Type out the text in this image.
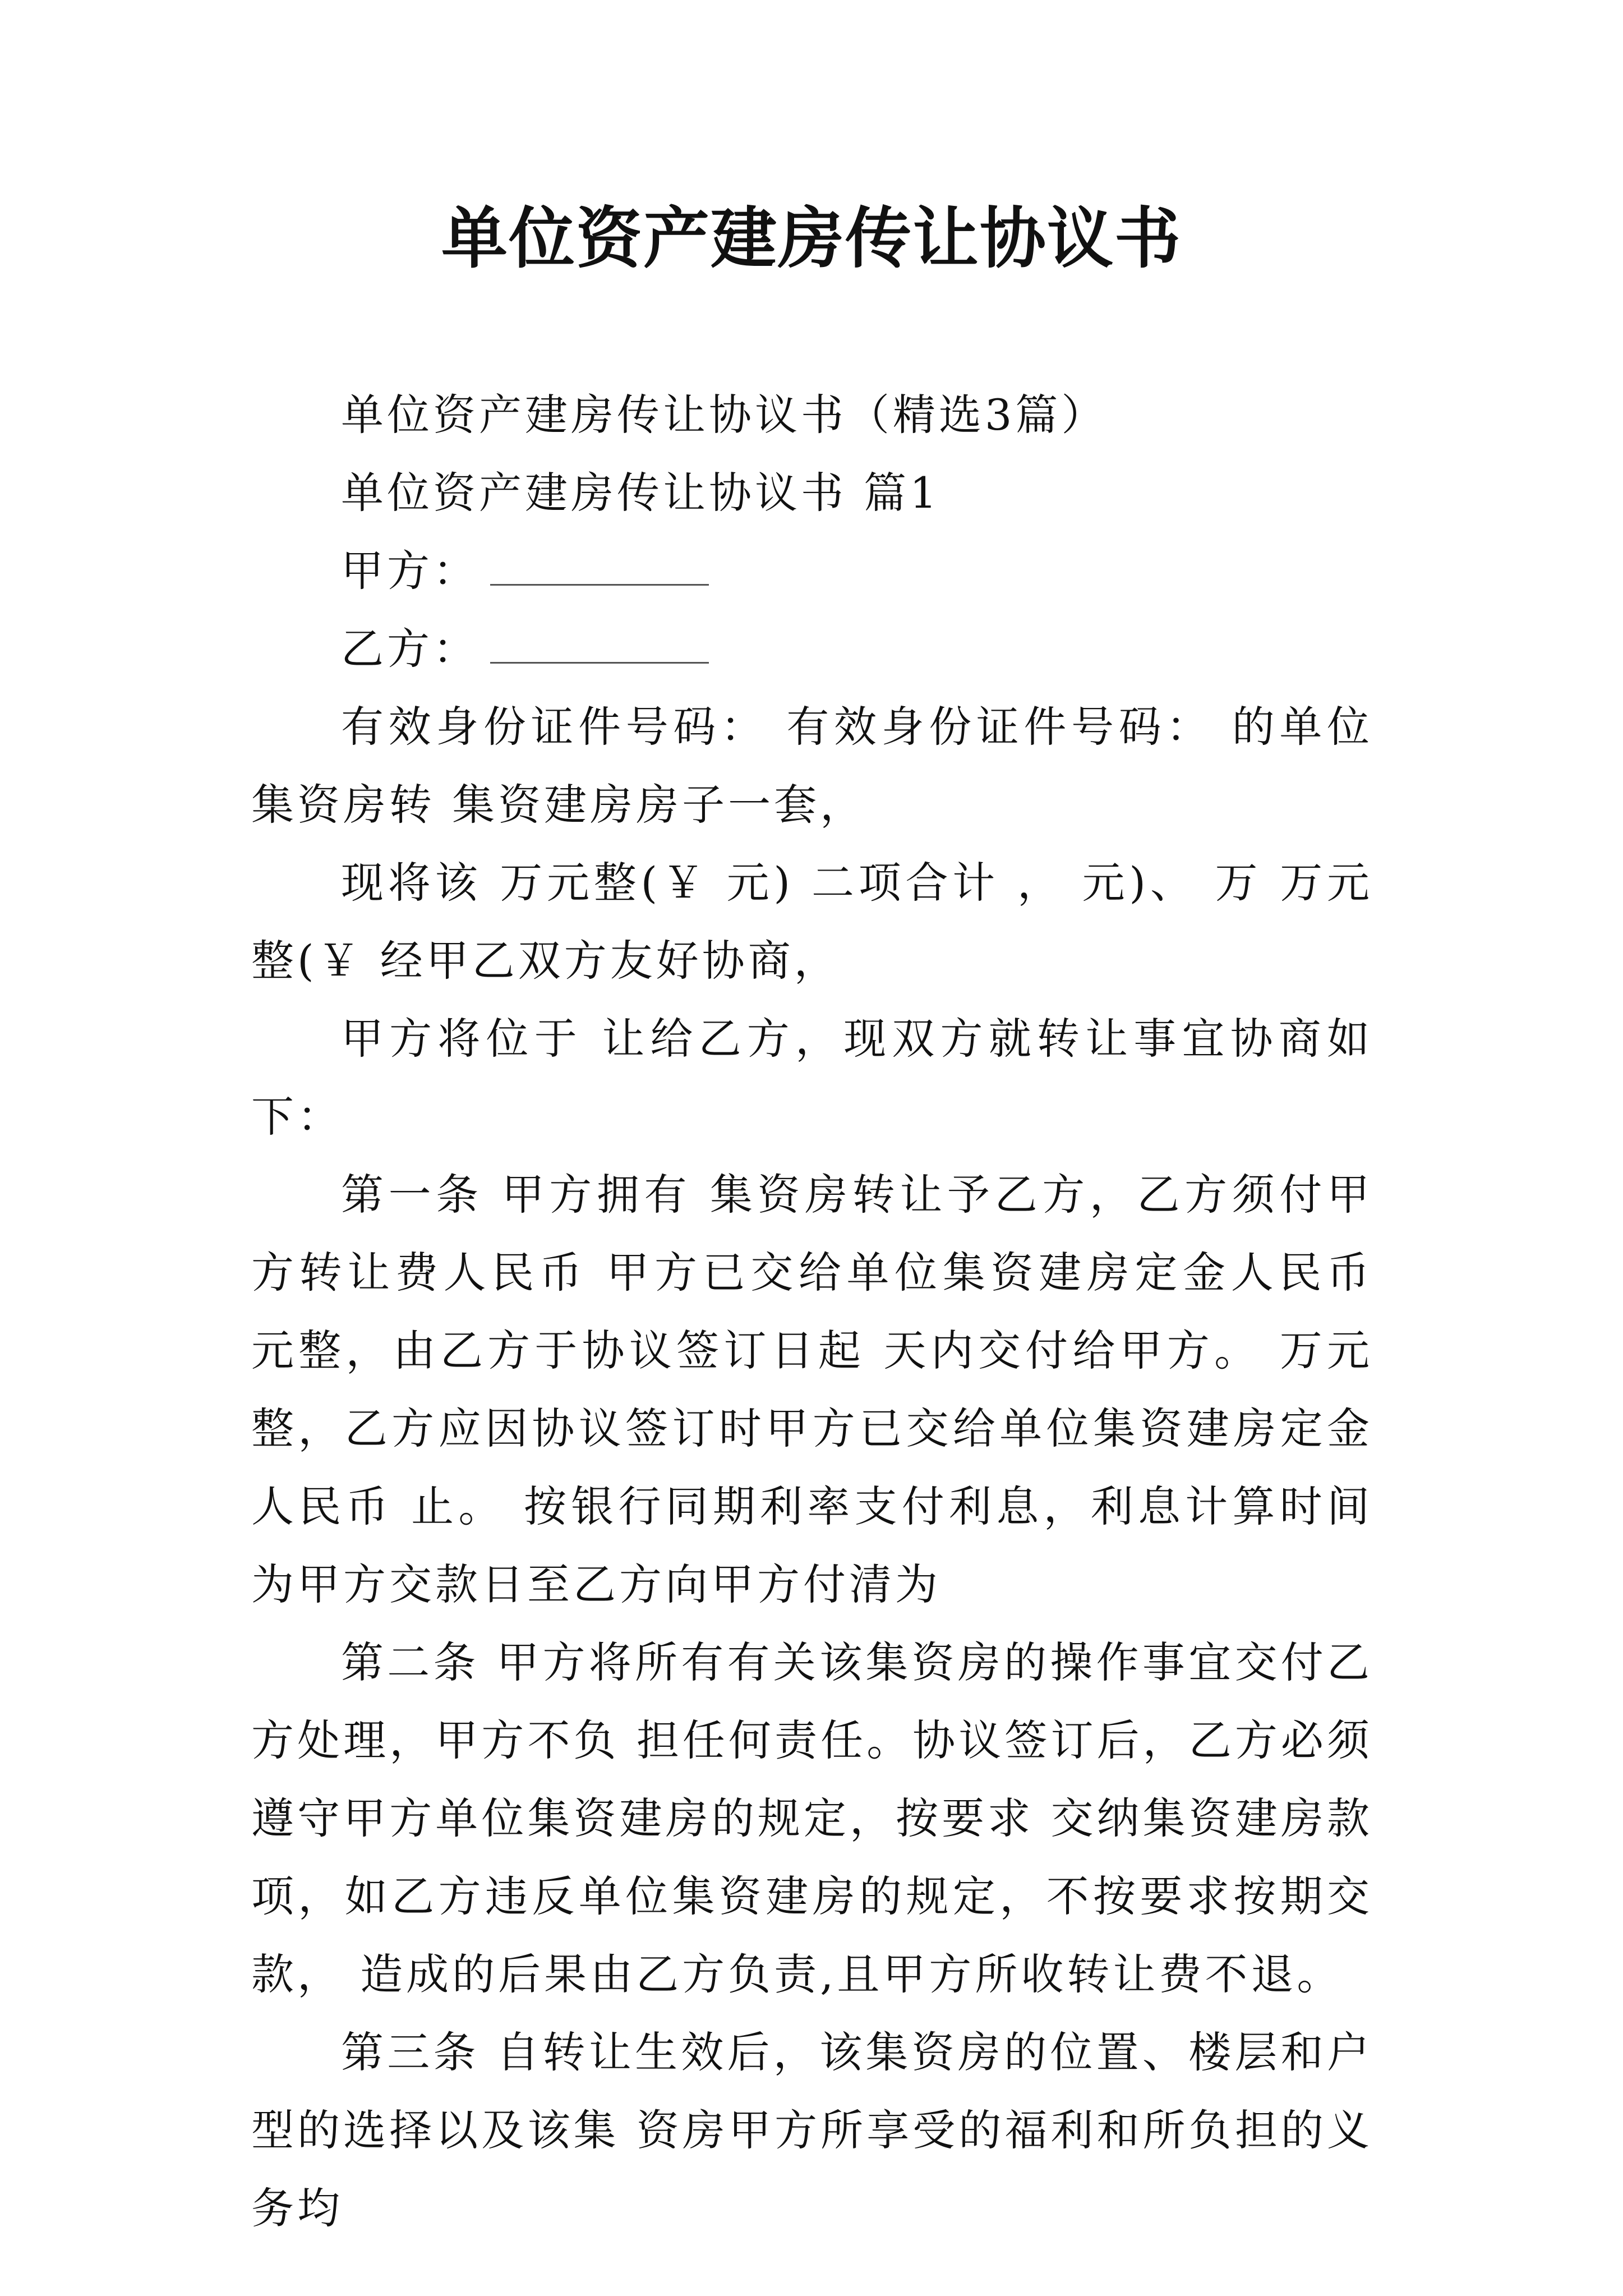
单位资产建房传让协议书

单位资产建房传让协议书（精选3篇）

单位资产建房传让协议书 篇1

甲方：

乙方：

有效身份证件号码： 有效身份证件号码： 的单位集资房转 集资建房房子一套，

现将该 万元整(￥ 元) 二项合计 ， 元)、 万 万元整(￥ 经甲乙双方友好协商，

甲方将位于 让给乙方，现双方就转让事宜协商如下：

第一条 甲方拥有 集资房转让予乙方，乙方须付甲方转让费人民币 甲方已交给单位集资建房定金人民币 元整，由乙方于协议签订日起 天内交付给甲方。 万元整，乙方应因协议签订时甲方已交给单位集资建房定金人民币 止。 按银行同期利率支付利息，利息计算时间为甲方交款日至乙方向甲方付清为

第二条 甲方将所有有关该集资房的操作事宜交付乙方处理，甲方不负 担任何责任。协议签订后，乙方必须遵守甲方单位集资建房的规定，按要求 交纳集资建房款项，如乙方违反单位集资建房的规定，不按要求按期交款， 造成的后果由乙方负责,且甲方所收转让费不退。

第三条 自转让生效后，该集资房的位置、楼层和户型的选择以及该集 资房甲方所享受的福利和所负担的义务均
